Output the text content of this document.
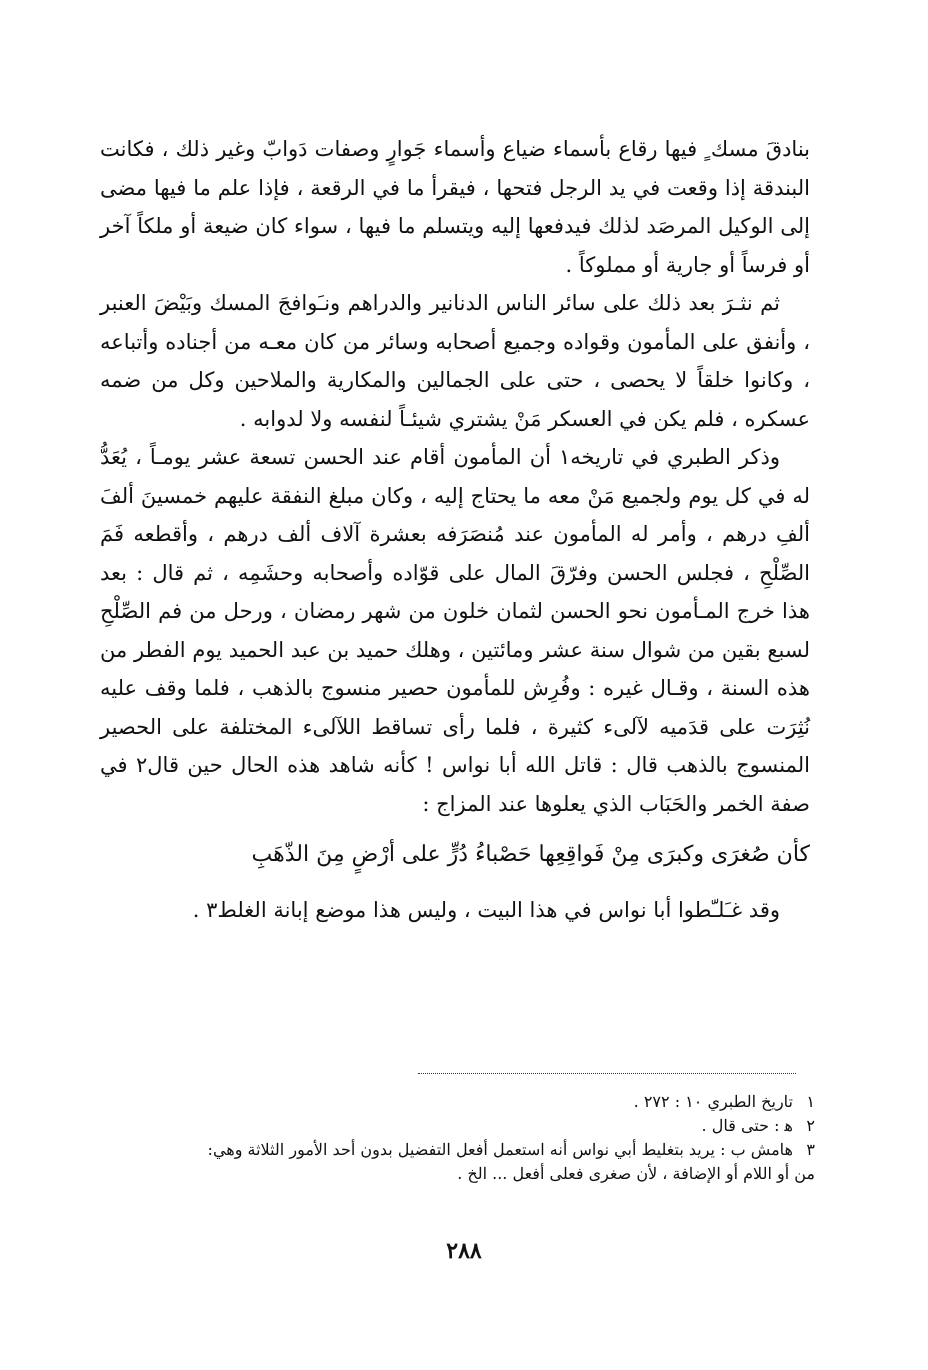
بنادقَ مسك ٍ فيها رقاع بأسماء ضياع وأسماء جَوارٍ وصفات دَوابّ وغير ذلك ، فكانت البندقة إذا وقعت في يد الرجل فتحها ، فيقرأ ما في الرقعة ، فإذا علم ما فيها مضى إلى الوكيل المرصَد لذلك فيدفعها إليه ويتسلم ما فيها ، سواء كان ضيعة أو ملكاً آخر أو فرساً أو جارية أو مملوكاً .

ثم نثـرَ بعد ذلك على سائر الناس الدنانير والدراهم ونـَوافجَ المسك وبَيْضَ العنبر ، وأنفق على المأمون وقواده وجميع أصحابه وسائر من كان معـه من أجناده وأتباعه ، وكانوا خلقاً لا يحصى ، حتى على الجمالين والمكارية والملاحين وكل من ضمه عسكره ، فلم يكن في العسكر مَنْ يشتري شيئـاً لنفسه ولا لدوابه .

وذكر الطبري في تاريخه١ أن المأمون أقام عند الحسن تسعة عشر يومـاً ، يُعَدُّ له في كل يوم ولجميع مَنْ معه ما يحتاج إليه ، وكان مبلغ النفقة عليهم خمسينَ ألفَ ألفِ درهم ، وأمر له المأمون عند مُنصَرَفه بعشرة آلاف ألف درهم ، وأقطعه فَمَ الصِّلْحِ ، فجلس الحسن وفرّقَ المال على قوّاده وأصحابه وحشَمِه ، ثم قال : بعد هذا خرج المـأمون نحو الحسن لثمان خلون من شهر رمضان ، ورحل من فم الصِّلْحِ لسبع بقين من شوال سنة عشر ومائتين ، وهلك حميد بن عبد الحميد يوم الفطر من هذه السنة ، وقـال غيره : وفُرِش للمأمون حصير منسوج بالذهب ، فلما وقف عليه نُثِرَت على قدَميه لآلىء كثيرة ، فلما رأى تساقط اللآلىء المختلفة على الحصير المنسوج بالذهب قال : قاتل الله أبا نواس ! كأنه شاهد هذه الحال حين قال٢ في صفة الخمر والحَبَاب الذي يعلوها عند المزاج :

كأن صُغرَى وكبرَى مِنْ فَواقِعِها حَصْباءُ دُرٍّ على أرْضٍ مِنَ الذّهَبِ

وقد غـَلـّطوا أبا نواس في هذا البيت ، وليس هذا موضع إبانة الغلط٣ .

١تاريخ الطبري ١٠ : ٢٧٢ .

٢ﻫ : حتى قال .

٣هامش ب : يريد بتغليط أبي نواس أنه استعمل أفعل التفضيل بدون أحد الأمور الثلاثة وهي:

من أو اللام أو الإضافة ، لأن صغرى فعلى أفعل ... الخ .

٢٨٨
